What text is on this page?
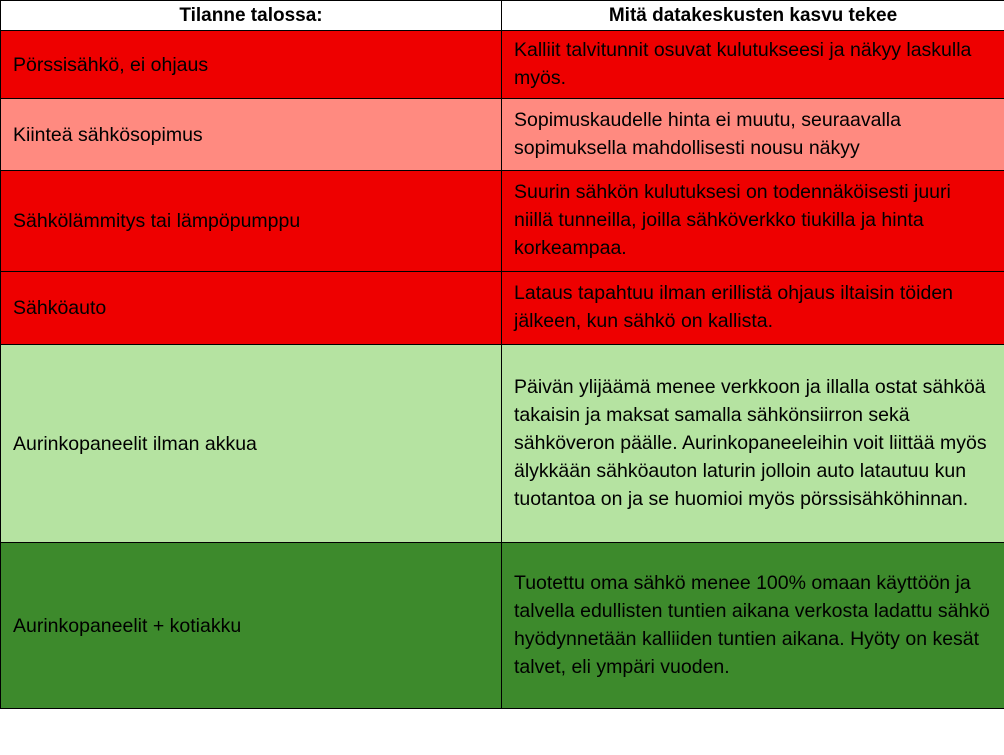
Tilanne talossa:	Mitä datakeskusten kasvu tekee
Pörssisähkö, ei ohjaus	Kalliit talvitunnit osuvat kulutukseesi ja näkyy laskulla myös.
Kiinteä sähkösopimus	Sopimuskaudelle hinta ei muutu, seuraavalla sopimuksella mahdollisesti nousu näkyy
Sähkölämmitys tai lämpöpumppu	Suurin sähkön kulutuksesi on todennäköisesti juuri niillä tunneilla, joilla sähköverkko tiukilla ja hinta korkeampaa.
Sähköauto	Lataus tapahtuu ilman erillistä ohjaus iltaisin töiden jälkeen, kun sähkö on kallista.
Aurinkopaneelit ilman akkua	Päivän ylijäämä menee verkkoon ja illalla ostat sähköä takaisin ja maksat samalla sähkönsiirron sekä sähköveron päälle. Aurinkopaneeleihin voit liittää myös älykkään sähköauton laturin jolloin auto latautuu kun tuotantoa on ja se huomioi myös pörssisähköhinnan.
Aurinkopaneelit + kotiakku	Tuotettu oma sähkö menee 100% omaan käyttöön ja talvella edullisten tuntien aikana verkosta ladattu sähkö hyödynnetään kalliiden tuntien aikana. Hyöty on kesät talvet, eli ympäri vuoden.
